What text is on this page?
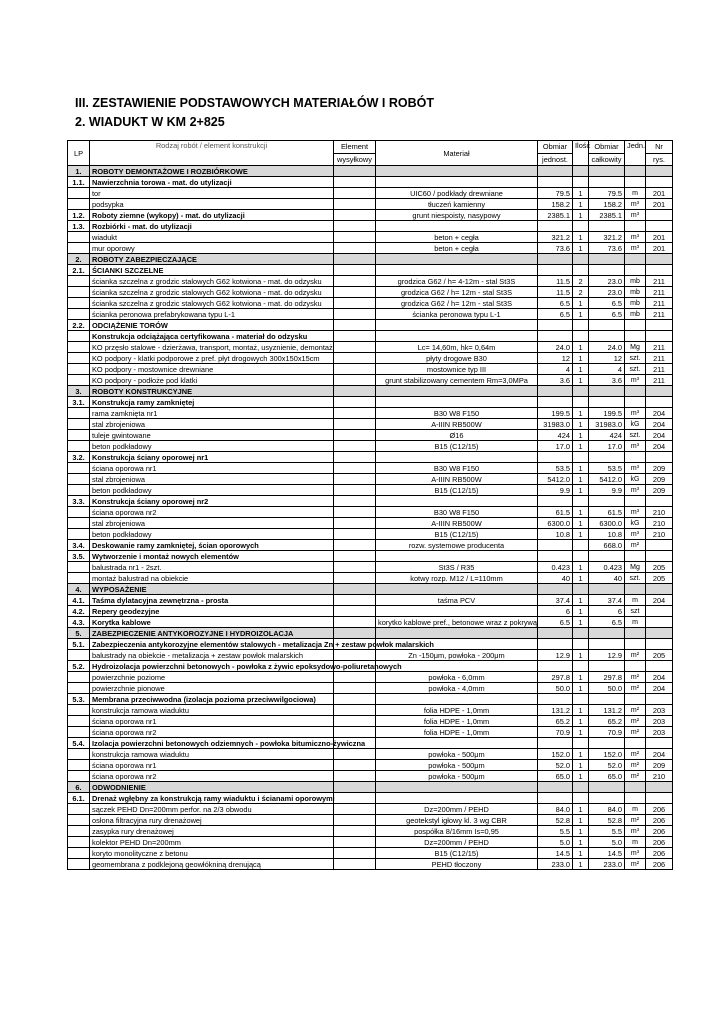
III. ZESTAWIENIE PODSTAWOWYCH MATERIAŁÓW I ROBÓT
2. WIADUKT W KM 2+825
LP	Rodzaj robót / element konstrukcji	Element	Materiał	Obmiar	Ilość	Obmiar	Jedn.	Nr
		wysyłkowy		jednost.		całkowity		rys.
1.	ROBOTY DEMONTAŻOWE I ROZBIÓRKOWE							
1.1.	Nawierzchnia torowa - mat. do utylizacji							
	tor		UIC60 / podkłady drewniane	79.5	1	79.5	m	201
	podsypka		tłuczeń kamienny	158.2	1	158.2	m³	201
1.2.	Roboty ziemne (wykopy) - mat. do utylizacji		grunt niespoisty, nasypowy	2385.1	1	2385.1	m³	
1.3.	Rozbiórki - mat. do utylizacji							
	wiadukt		beton + cegła	321.2	1	321.2	m³	201
	mur oporowy		beton + cegła	73.6	1	73.6	m³	201
2.	ROBOTY ZABEZPIECZAJĄCE							
2.1.	ŚCIANKI SZCZELNE							
	ścianka szczelna z grodzic stalowych G62 kotwiona - mat. do odzysku		grodzica G62 / h= 4-12m - stal St3S	11.5	2	23.0	mb	211
	ścianka szczelna z grodzic stalowych G62 kotwiona - mat. do odzysku		grodzica G62 / h= 12m - stal St3S	11.5	2	23.0	mb	211
	ścianka szczelna z grodzic stalowych G62 kotwiona - mat. do odzysku		grodzica G62 / h= 12m - stal St3S	6.5	1	6.5	mb	211
	ścianka peronowa prefabrykowana typu L-1		ścianka peronowa typu L-1	6.5	1	6.5	mb	211
2.2.	ODCIĄŻENIE TORÓW							
	Konstrukcja odciążająca certyfikowana - materiał do odzysku							
	KO przęsło stalowe - dzierżawa, transport, montaż, usyznienie, demontaż		Lc= 14,60m, hk= 0,64m	24.0	1	24.0	Mg	211
	KO podpory - klatki podporowe z pref. płyt drogowych 300x150x15cm		płyty drogowe B30	12	1	12	szt.	211
	KO podpory - mostownice drewniane		mostownice typ III	4	1	4	szt.	211
	KO podpory - podłoże pod klatki		grunt stabilizowany cementem Rm=3,0MPa	3.6	1	3.6	m³	211
3.	ROBOTY KONSTRUKCYJNE							
3.1.	Konstrukcja ramy zamkniętej							
	rama zamknięta nr1		B30 W8 F150	199.5	1	199.5	m³	204
	stal zbrojeniowa		A-IIIN RB500W	31983.0	1	31983.0	kG	204
	tuleje gwintowane		Ø16	424	1	424	szt.	204
	beton podkładowy		B15 (C12/15)	17.0	1	17.0	m³	204
3.2.	Konstrukcja ściany oporowej nr1							
	ściana oporowa nr1		B30 W8 F150	53.5	1	53.5	m³	209
	stal zbrojeniowa		A-IIIN RB500W	5412.0	1	5412.0	kG	209
	beton podkładowy		B15 (C12/15)	9.9	1	9.9	m³	209
3.3.	Konstrukcja ściany oporowej nr2							
	ściana oporowa nr2		B30 W8 F150	61.5	1	61.5	m³	210
	stal zbrojeniowa		A-IIIN RB500W	6300.0	1	6300.0	kG	210
	beton podkładowy		B15 (C12/15)	10.8	1	10.8	m³	210
3.4.	Deskowanie ramy zamkniętej, ścian oporowych		rozw. systemowe producenta			668.0	m²	
3.5.	Wytworzenie i montaż nowych elementów							
	balustrada nr1 - 2szt.		St3S / R35	0.423	1	0.423	Mg	205
	montaż balustrad na obiekcie		kotwy rozp. M12 / L=110mm	40	1	40	szt.	205
4.	WYPOSAŻENIE							
4.1.	Taśma dylatacyjna zewnętrzna - prosta		taśma PCV	37.4	1	37.4	m	204
4.2.	Repery geodezyjne			6	1	6	szt	
4.3.	Korytka kablowe		korytko kablowe pref., betonowe wraz z pokrywą	6.5	1	6.5	m	
5.	ZABEZPIECZENIE ANTYKOROZYJNE I HYDROIZOLACJA							
5.1.	Zabezpieczenia antykorozyjne elementów stalowych - metalizacja Zn + zestaw powłok malarskich							
	balustrady na obiekcie - metalizacja + zestaw powłok malarskich		Zn -150μm, powłoka - 200μm	12.9	1	12.9	m²	205
5.2.	Hydroizolacja powierzchni betonowych - powłoka z żywic epoksydowo-poliuretanowych							
	powierzchnie poziome		powłoka - 6,0mm	297.8	1	297.8	m²	204
	powierzchnie pionowe		powłoka - 4,0mm	50.0	1	50.0	m²	204
5.3.	Membrana przeciwwodna (izolacja pozioma przeciwwilgociowa)							
	konstrukcja ramowa wiaduktu		folia HDPE - 1,0mm	131.2	1	131.2	m²	203
	ściana oporowa nr1		folia HDPE - 1,0mm	65.2	1	65.2	m²	203
	ściana oporowa nr2		folia HDPE - 1,0mm	70.9	1	70.9	m²	203
5.4.	Izolacja powierzchni betonowych odziemnych - powłoka bitumiczno-żywiczna							
	konstrukcja ramowa wiaduktu		powłoka - 500μm	152.0	1	152.0	m²	204
	ściana oporowa nr1		powłoka - 500μm	52.0	1	52.0	m²	209
	ściana oporowa nr2		powłoka - 500μm	65.0	1	65.0	m²	210
6.	ODWODNIENIE							
6.1.	Drenaż wgłębny za konstrukcją ramy wiaduktu i ścianami oporowymi							
	sączek PEHD Dn=200mm perfor. na 2/3 obwodu		Dz=200mm / PEHD	84.0	1	84.0	m	206
	osłona filtracyjna rury drenażowej		geotekstyl igłowy kl. 3 wg CBR	52.8	1	52.8	m²	206
	zasypka rury drenażowej		pospółka 8/16mm Is=0,95	5.5	1	5.5	m³	206
	kolektor PEHD Dn=200mm		Dz=200mm / PEHD	5.0	1	5.0	m	206
	koryto monolityczne z betonu		B15 (C12/15)	14.5	1	14.5	m³	206
	geomembrana z podklejoną geowłókniną drenującą		PEHD tłoczony	233.0	1	233.0	m²	206
